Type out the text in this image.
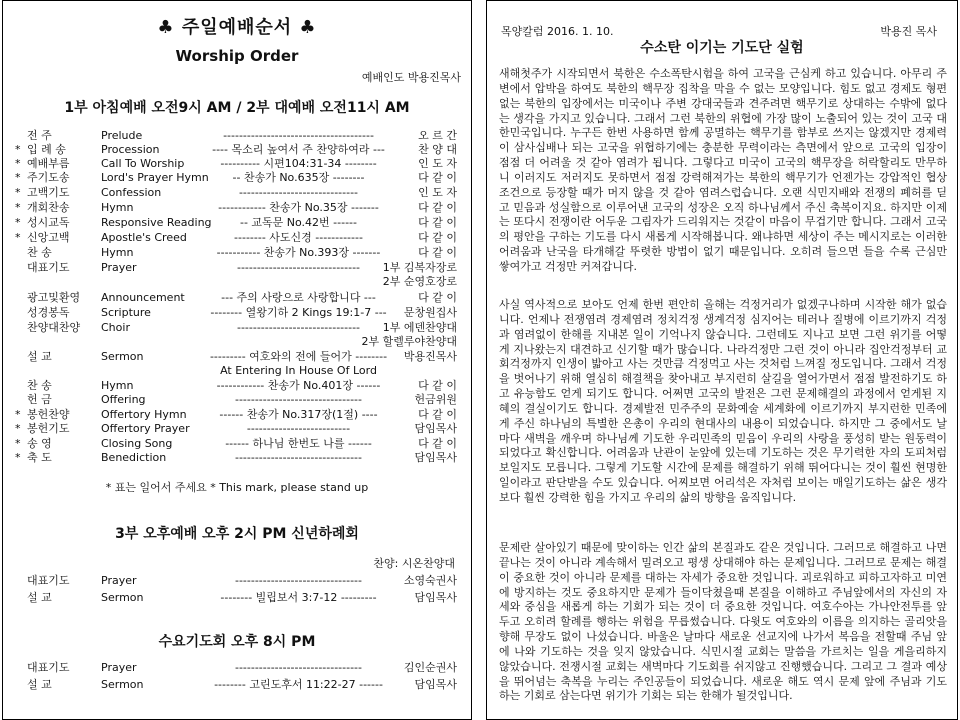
♣ 주일예배순서 ♣
Worship Order
예배인도 박용진목사
1부 아침예배 오전9시 AM / 2부 대예배 오전11시 AM
전 주	Prelude	--------------------------------------	오 르 간
* 입 례 송	Procession	---- 목소리 높여서 주 찬양하여라 ---	찬 양 대
* 예배부름	Call To Worship	---------- 시편104:31-34 --------	인 도 자
* 주기도송	Lord's Prayer Hymn	-- 찬송가 No.635장 --------	다 같 이
* 고백기도	Confession	------------------------------	인 도 자
* 개회찬송	Hymn	------------ 찬송가 No.35장 -------	다 같 이
* 성시교독	Responsive Reading	-- 교독문 No.42번 ------	다 같 이
* 신앙고백	Apostle's Creed	-------- 사도신경 ------------	다 같 이
찬 송	Hymn	----------- 찬송가 No.393장 -------	다 같 이
대표기도	Prayer	-------------------------------	1부 김복자장로
2부 순영호장로
광고및환영	Announcement	--- 주의 사랑으로 사랑합니다 ---	다 같 이
성경봉독	Scripture	-------- 열왕기하 2 Kings 19:1-7 ---	문창원집사
찬양대찬양	Choir	-------------------------------	1부 에덴찬양대
2부 할렐루야찬양대
설 교	Sermon	--------- 여호와의 전에 들어가 --------	박용진목사
At Entering In House Of Lord
찬 송	Hymn	------------ 찬송가 No.401장 ------	다 같 이
헌 금	Offering	--------------------------------	헌금위원
* 봉헌찬양	Offertory Hymn	------ 찬송가 No.317장(1절) ----	다 같 이
* 봉헌기도	Offertory Prayer	--------------------------	담임목사
* 송 영	Closing Song	------ 하나님 한번도 나를 ------	다 같 이
* 축 도	Benediction	--------------------------------	담임목사
* 표는 일어서 주세요 * This mark, please stand up
3부 오후예배 오후 2시 PM 신년하례회
찬양: 시온찬양대
대표기도	Prayer	--------------------------------	소영숙권사
설 교	Sermon	-------- 빌립보서 3:7-12 ---------	담임목사
수요기도회 오후 8시 PM
대표기도	Prayer	--------------------------------	김인순권사
설 교	Sermon	-------- 고린도후서 11:22-27 ------	담임목사
목양칼럼 2016. 1. 10.	박용진 목사
수소탄 이기는 기도단 실험
새해첫주가 시작되면서 북한은 수소폭탄시험을 하여 고국을 근심케 하고 있습니다. 아무리 주변에서 압박을 하여도 북한의 핵무장 집착을 막을 수 없는 모양입니다. 힘도 없고 경제도 형편없는 북한의 입장에서는 미국이나 주변 강대국들과 견주려면 핵무기로 상대하는 수밖에 없다는 생각을 가지고 있습니다. 그래서 그런 북한의 위협에 가장 많이 노출되어 있는 것이 고국 대한민국입니다. 누구든 한번 사용하면 함께 공멸하는 핵무기를 함부로 쓰지는 않겠지만 경제력이 삼사십배나 되는 고국을 위협하기에는 충분한 무력이라는 측면에서 앞으로 고국의 입장이 점점 더 어려울 것 같아 염려가 됩니다. 그렇다고 미국이 고국의 핵무장을 허락할리도 만무하니 이러지도 저러지도 못하면서 점점 강력해져가는 북한의 핵무기가 언젠가는 강압적인 협상조건으로 등장할 때가 머지 않을 것 같아 염려스럽습니다. 오랜 식민지배와 전쟁의 폐허를 딛고 믿음과 성실함으로 이루어낸 고국의 성장은 오직 하나님께서 주신 축복이지요. 하지만 이제는 또다시 전쟁이란 어두운 그림자가 드리워지는 것같이 마음이 무겁기만 합니다. 그래서 고국의 평안을 구하는 기도를 다시 새롭게 시작해봅니다. 왜냐하면 세상이 주는 메시지로는 이러한 어려움과 난국을 타개해갈 뚜렷한 방법이 없기 때문입니다. 오히려 들으면 들을 수록 근심만 쌓여가고 걱정만 커져갑니다.
사실 역사적으로 보아도 언제 한번 편안히 올해는 걱정거리가 없겠구나하며 시작한 해가 없습니다. 언제나 전쟁염려 경제염려 정치걱정 생계걱정 심지어는 테러나 질병에 이르기까지 걱정과 염려없이 한해를 지내본 일이 기억나지 않습니다. 그런데도 지나고 보면 그런 위기를 어떻게 지나왔는지 대견하고 신기할 때가 많습니다. 나라걱정만 그런 것이 아니라 집안걱정부터 교회걱정까지 인생이 밟아고 사는 것만큼 걱정먹고 사는 것처럼 느껴질 정도입니다. 그래서 걱정을 벗어나기 위해 열심히 해결책을 찾아내고 부지런히 살길을 열어가면서 점점 발전하기도 하고 유능함도 얻게 되기도 합니다. 어쩌면 고국의 발전은 그런 문제해결의 과정에서 얻게된 지혜의 결실이기도 합니다. 경제발전 민주주의 문화예술 세계화에 이르기까지 부지런한 민족에게 주신 하나님의 특별한 은총이 우리의 현대사의 내용이 되었습니다. 하지만 그 중에서도 날마다 새벽을 깨우며 하나님께 기도한 우리민족의 믿음이 우리의 사랑을 풍성히 받는 원동력이 되었다고 확신합니다. 어려움과 난관이 눈앞에 있는데 기도하는 것은 무기력한 자의 도피처럼 보일지도 모릅니다. 그렇게 기도할 시간에 문제를 해결하기 위해 뛰어다니는 것이 훨씬 현명한 일이라고 판단받을 수도 있습니다. 어찌보면 어리석은 자처럼 보이는 매일기도하는 삶은 생각보다 훨씬 강력한 힘을 가지고 우리의 삶의 방향을 움직입니다.
문제란 살아있기 때문에 맞이하는 인간 삶의 본질과도 같은 것입니다. 그러므로 해결하고 나면 끝나는 것이 아니라 계속해서 밀려오고 평생 상대해야 하는 문제입니다. 그러므로 문제는 해결이 중요한 것이 아니라 문제를 대하는 자세가 중요한 것입니다. 괴로워하고 피하고자하고 미연에 방지하는 것도 중요하지만 문제가 들이닥쳤을때 본질을 이해하고 주님앞에서의 자신의 자세와 중심을 새롭게 하는 기회가 되는 것이 더 중요한 것입니다. 여호수아는 가나안전투를 앞두고 오히려 할례를 행하는 위험을 무릅썼습니다. 다윗도 여호와의 이름을 의지하는 골리앗을 향해 무장도 없이 나섰습니다. 바울은 날마다 새로운 선교지에 나가서 복음을 전할때 주님 앞에 나와 기도하는 것을 잊지 않았습니다. 식민시절 교회는 말씀을 가르치는 일을 게을리하지 않았습니다. 전쟁시절 교회는 새벽마다 기도회를 쉬지않고 진행했습니다. 그리고 그 결과 예상을 뛰어넘는 축복을 누리는 주인공들이 되었습니다. 새로운 해도 역시 문제 앞에 주님과 기도하는 기회로 삼는다면 위기가 기회는 되는 한해가 될것입니다.
